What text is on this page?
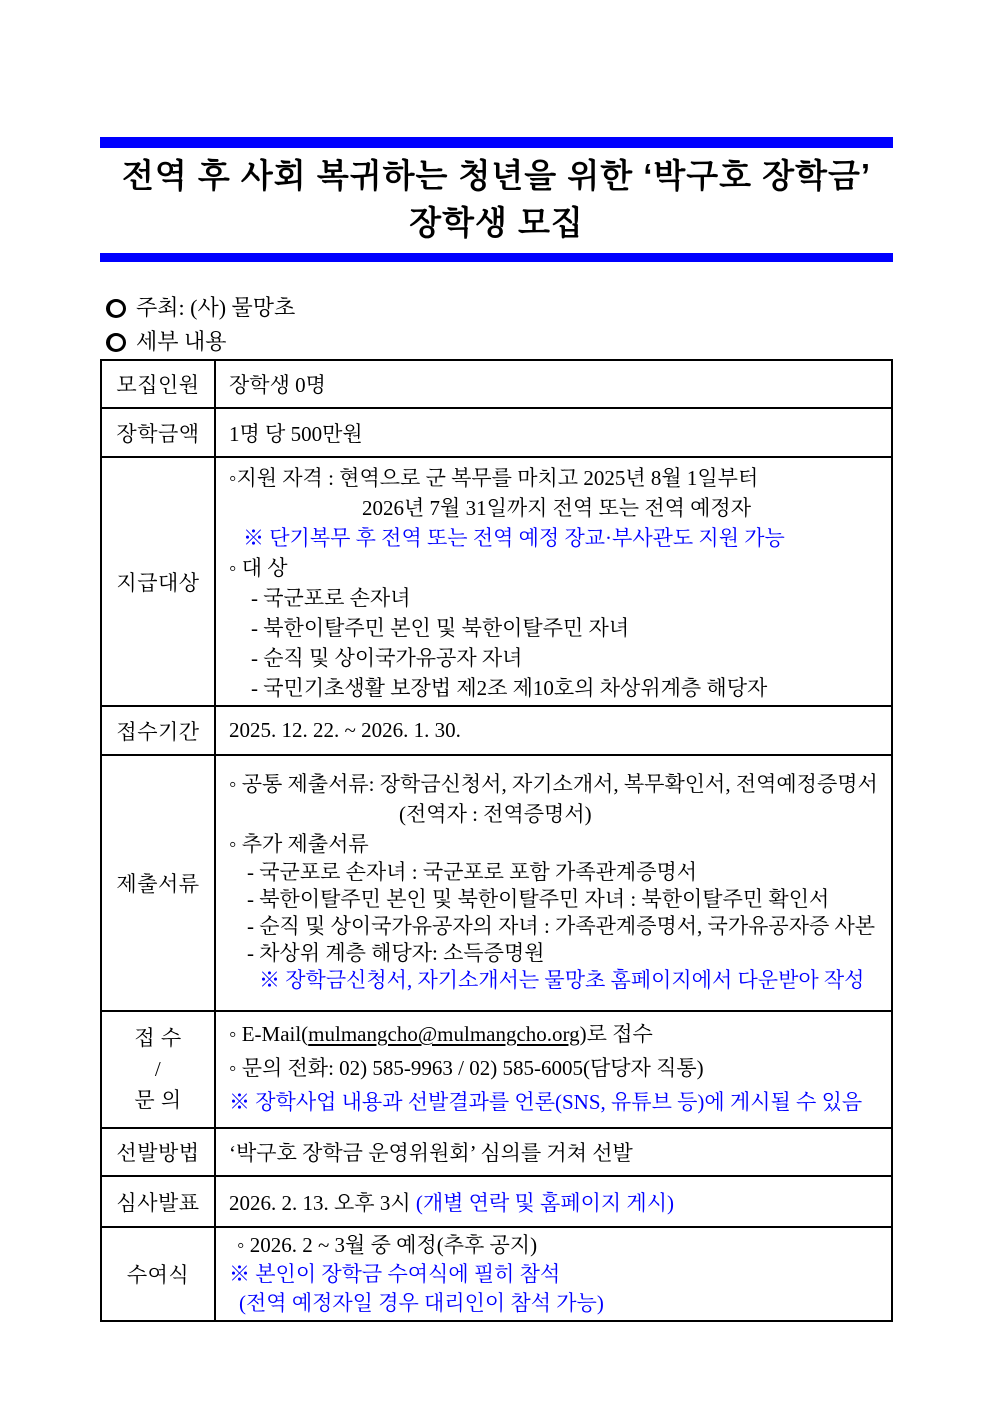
전역 후 사회 복귀하는 청년을 위한 ‘박구호 장학금’
장학생 모집
주최: (사) 물망초
세부 내용
모집인원	장학생 0명

장학금액	1명 당 500만원

지급대상	
◦지원 자격 : 현역으로 군 복무를 마치고 2025년 8월 1일부터
2026년 7월 31일까지 전역 또는 전역 예정자
※ 단기복무 후 전역 또는 전역 예정 장교·부사관도 지원 가능
◦ 대 상
- 국군포로 손자녀
- 북한이탈주민 본인 및 북한이탈주민 자녀
- 순직 및 상이국가유공자 자녀
- 국민기초생활 보장법 제2조 제10호의 차상위계층 해당자

접수기간	2025. 12. 22. ~ 2026. 1. 30.

제출서류	
◦ 공통 제출서류: 장학금신청서, 자기소개서, 복무확인서, 전역예정증명서
(전역자 : 전역증명서)
◦ 추가 제출서류
- 국군포로 손자녀 : 국군포로 포함 가족관계증명서
- 북한이탈주민 본인 및 북한이탈주민 자녀 : 북한이탈주민 확인서
- 순직 및 상이국가유공자의 자녀 : 가족관계증명서, 국가유공자증 사본
- 차상위 계층 해당자: 소득증명원
※ 장학금신청서, 자기소개서는 물망초 홈페이지에서 다운받아 작성

접 수
/
문 의

◦ E-Mail(mulmangcho@mulmangcho.org)로 접수
◦ 문의 전화: 02) 585-9963 / 02) 585-6005(담당자 직통)
※ 장학사업 내용과 선발결과를 언론(SNS, 유튜브 등)에 게시될 수 있음

선발방법	‘박구호 장학금 운영위원회’ 심의를 거쳐 선발

심사발표	2026. 2. 13. 오후 3시 (개별 연락 및 홈페이지 게시)

수여식	◦ 2026. 2 ~ 3월 중 예정(추후 공지)
※ 본인이 장학금 수여식에 필히 참석
(전역 예정자일 경우 대리인이 참석 가능)
